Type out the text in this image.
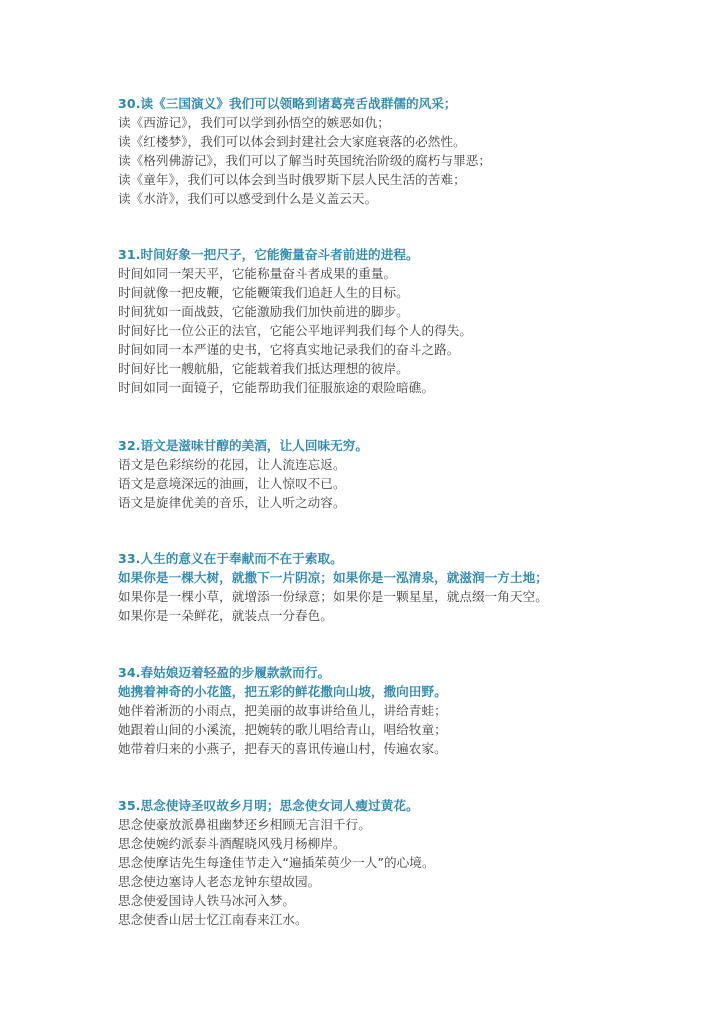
30.读《三国演义》我们可以领略到诸葛亮舌战群儒的风采；
读《西游记》，我们可以学到孙悟空的嫉恶如仇；
读《红楼梦》，我们可以体会到封建社会大家庭衰落的必然性。
读《格列佛游记》，我们可以了解当时英国统治阶级的腐朽与罪恶；
读《童年》，我们可以体会到当时俄罗斯下层人民生活的苦难；
读《水浒》，我们可以感受到什么是义盖云天。
31.时间好象一把尺子，它能衡量奋斗者前进的进程。
时间如同一架天平，它能称量奋斗者成果的重量。
时间就像一把皮鞭，它能鞭策我们追赶人生的目标。
时间犹如一面战鼓，它能激励我们加快前进的脚步。
时间好比一位公正的法官，它能公平地评判我们每个人的得失。
时间如同一本严谨的史书，它将真实地记录我们的奋斗之路。
时间好比一艘航船，它能载着我们抵达理想的彼岸。
时间如同一面镜子，它能帮助我们征服旅途的艰险暗礁。
32.语文是滋味甘醇的美酒，让人回味无穷。
语文是色彩缤纷的花园，让人流连忘返。
语文是意境深远的油画，让人惊叹不已。
语文是旋律优美的音乐，让人听之动容。
33.人生的意义在于奉献而不在于索取。
如果你是一棵大树，就撒下一片阴凉；如果你是一泓清泉，就滋润一方土地；
如果你是一棵小草，就增添一份绿意；如果你是一颗星星，就点缀一角天空。
如果你是一朵鲜花，就装点一分春色。
34.春姑娘迈着轻盈的步履款款而行。
她携着神奇的小花篮，把五彩的鲜花撒向山坡，撒向田野。
她伴着淅沥的小雨点，把美丽的故事讲给鱼儿，讲给青蛙；
她跟着山间的小溪流，把婉转的歌儿唱给青山，唱给牧童；
她带着归来的小燕子，把春天的喜讯传遍山村，传遍农家。
35.思念使诗圣叹故乡月明；思念使女词人瘦过黄花。
思念使豪放派鼻祖幽梦还乡相顾无言泪千行。
思念使婉约派泰斗酒醒晓风残月杨柳岸。
思念使摩诘先生每逢佳节走入“遍插茱萸少一人”的心境。
思念使边塞诗人老态龙钟东望故园。
思念使爱国诗人铁马冰河入梦。
思念使香山居士忆江南春来江水。
